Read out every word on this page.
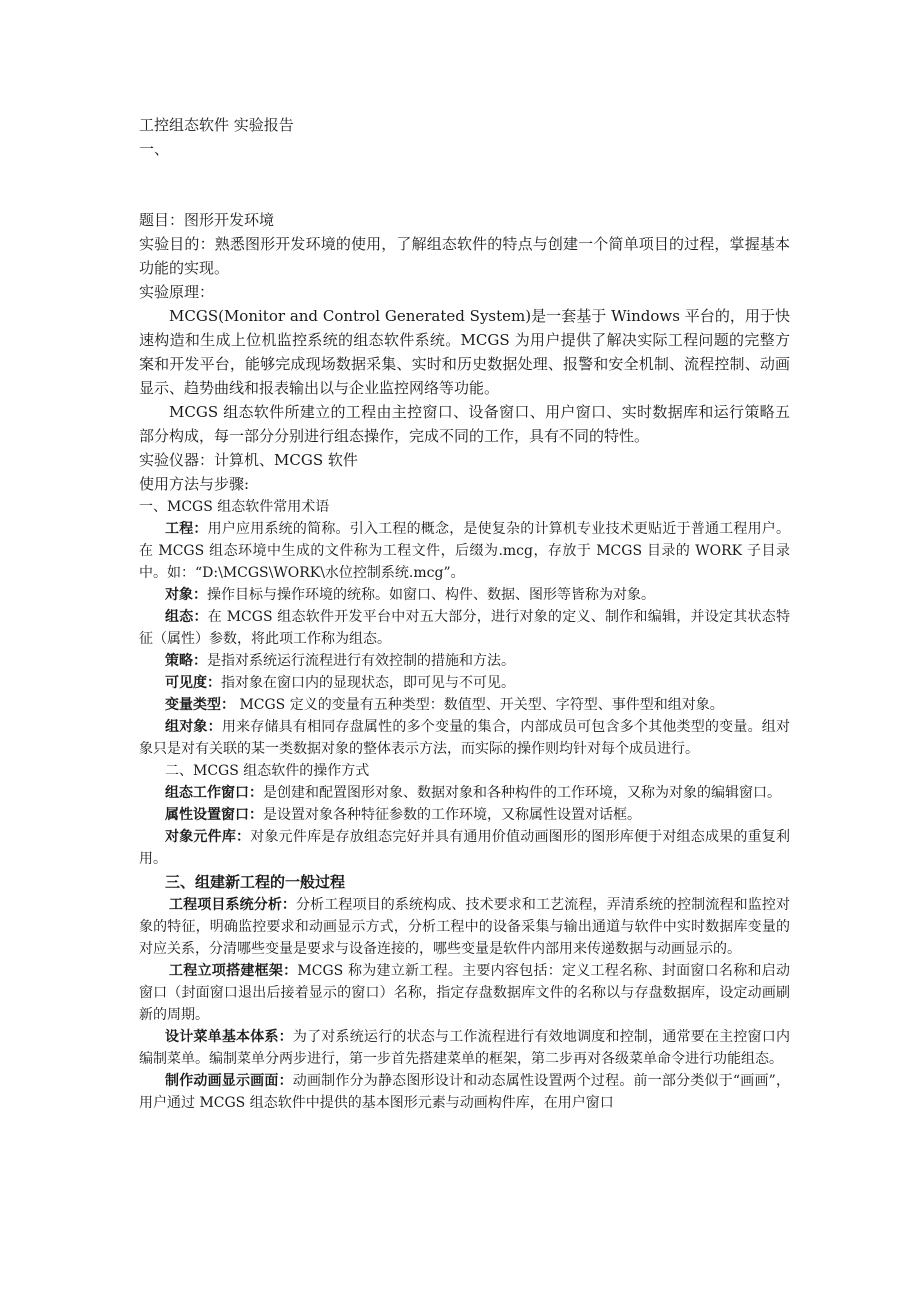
工控组态软件 实验报告

一、

题目：图形开发环境

实验目的：熟悉图形开发环境的使用，了解组态软件的特点与创建一个简单项目的过程，掌握基本功能的实现。

实验原理：

MCGS(Monitor and Control Generated System)是一套基于 Windows 平台的，用于快速构造和生成上位机监控系统的组态软件系统。MCGS 为用户提供了解决实际工程问题的完整方案和开发平台，能够完成现场数据采集、实时和历史数据处理、报警和安全机制、流程控制、动画显示、趋势曲线和报表输出以与企业监控网络等功能。

MCGS 组态软件所建立的工程由主控窗口、设备窗口、用户窗口、实时数据库和运行策略五部分构成，每一部分分别进行组态操作，完成不同的工作，具有不同的特性。

实验仪器：计算机、MCGS 软件

使用方法与步骤:

一、MCGS 组态软件常用术语

工程：用户应用系统的简称。引入工程的概念，是使复杂的计算机专业技术更贴近于普通工程用户。在 MCGS 组态环境中生成的文件称为工程文件，后缀为.mcg，存放于 MCGS 目录的 WORK 子目录中。如：“D:\MCGS\WORK\水位控制系统.mcg”。

对象：操作目标与操作环境的统称。如窗口、构件、数据、图形等皆称为对象。

组态：在 MCGS 组态软件开发平台中对五大部分，进行对象的定义、制作和编辑，并设定其状态特征（属性）参数，将此项工作称为组态。

策略：是指对系统运行流程进行有效控制的措施和方法。

可见度：指对象在窗口内的显现状态，即可见与不可见。

变量类型： MCGS 定义的变量有五种类型：数值型、开关型、字符型、事件型和组对象。

组对象：用来存储具有相同存盘属性的多个变量的集合，内部成员可包含多个其他类型的变量。组对象只是对有关联的某一类数据对象的整体表示方法，而实际的操作则均针对每个成员进行。

二、MCGS 组态软件的操作方式

组态工作窗口：是创建和配置图形对象、数据对象和各种构件的工作环境，又称为对象的编辑窗口。

属性设置窗口：是设置对象各种特征参数的工作环境，又称属性设置对话框。

对象元件库：对象元件库是存放组态完好并具有通用价值动画图形的图形库便于对组态成果的重复利用。

三、组建新工程的一般过程

工程项目系统分析：分析工程项目的系统构成、技术要求和工艺流程，弄清系统的控制流程和监控对象的特征，明确监控要求和动画显示方式，分析工程中的设备采集与输出通道与软件中实时数据库变量的对应关系，分清哪些变量是要求与设备连接的，哪些变量是软件内部用来传递数据与动画显示的。

工程立项搭建框架：MCGS 称为建立新工程。主要内容包括：定义工程名称、封面窗口名称和启动窗口（封面窗口退出后接着显示的窗口）名称，指定存盘数据库文件的名称以与存盘数据库，设定动画刷新的周期。

设计菜单基本体系：为了对系统运行的状态与工作流程进行有效地调度和控制，通常要在主控窗口内编制菜单。编制菜单分两步进行，第一步首先搭建菜单的框架，第二步再对各级菜单命令进行功能组态。

制作动画显示画面：动画制作分为静态图形设计和动态属性设置两个过程。前一部分类似于“画画”，用户通过 MCGS 组态软件中提供的基本图形元素与动画构件库，在用户窗口
